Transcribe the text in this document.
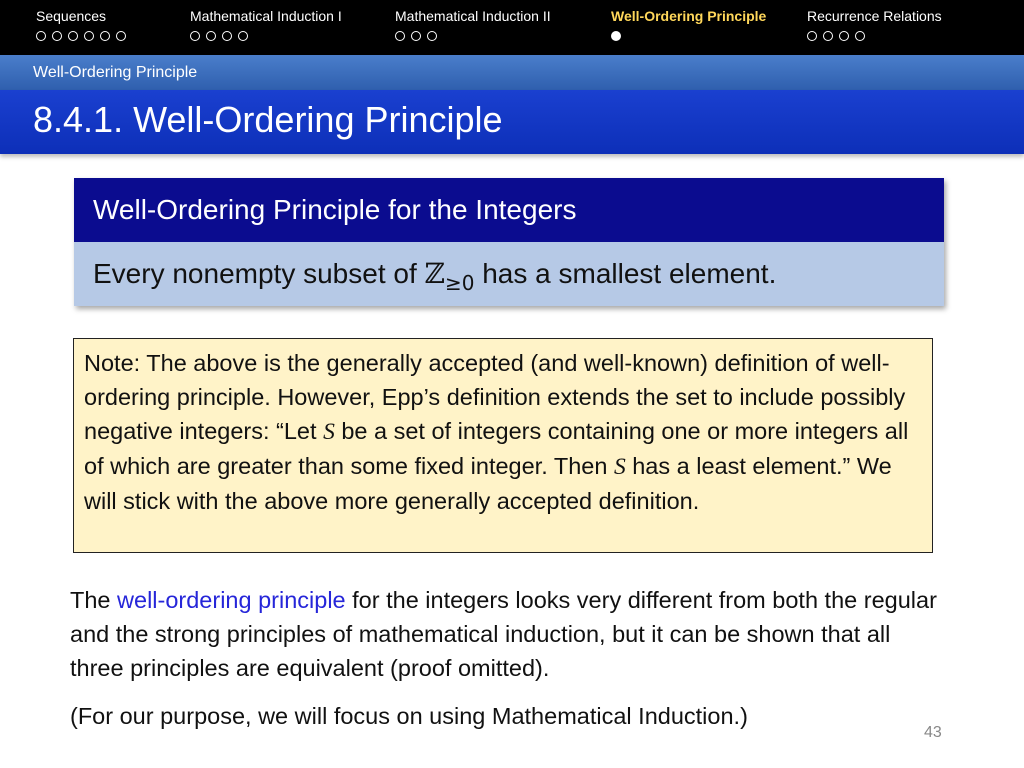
Sequences	Mathematical Induction I	Mathematical Induction II	Well-Ordering Principle	Recurrence Relations
Well-Ordering Principle
8.4.1. Well-Ordering Principle
Well-Ordering Principle for the Integers
Every nonempty subset of ℤ$_{\ge 0}$ has a smallest element.
Note: The above is the generally accepted (and well-known) definition of well-ordering principle. However, Epp’s definition extends the set to include possibly negative integers: “Let S be a set of integers containing one or more integers all of which are greater than some fixed integer. Then S has a least element.” We will stick with the above more generally accepted definition.
The well-ordering principle for the integers looks very different from both the regular and the strong principles of mathematical induction, but it can be shown that all three principles are equivalent (proof omitted).
(For our purpose, we will focus on using Mathematical Induction.)
43
